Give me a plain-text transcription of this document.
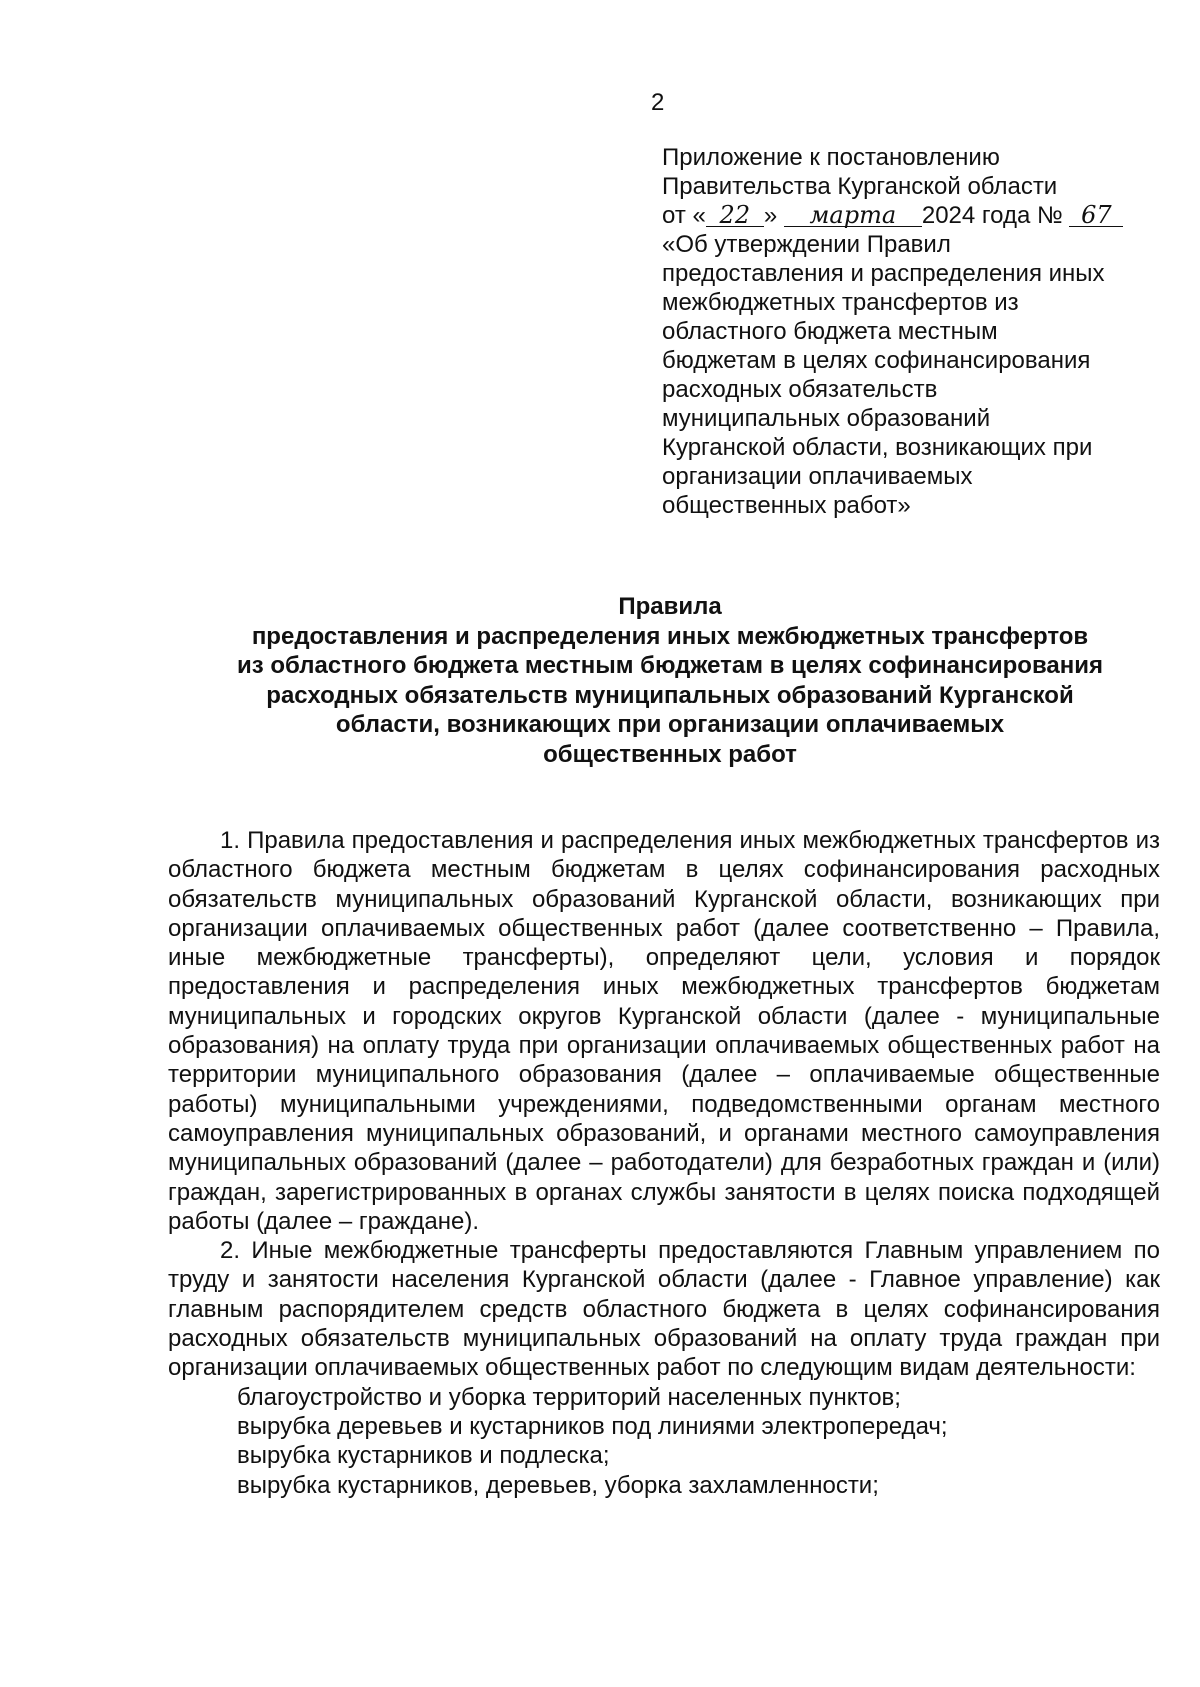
2
Приложение к постановлению
Правительства Курганской области
от « 22 » марта 2024 года № 67
«Об утверждении Правил
предоставления и распределения иных
межбюджетных трансфертов из
областного бюджета местным
бюджетам в целях софинансирования
расходных обязательств
муниципальных образований
Курганской области, возникающих при
организации оплачиваемых
общественных работ»
Правила
предоставления и распределения иных межбюджетных трансфертов
из областного бюджета местным бюджетам в целях софинансирования
расходных обязательств муниципальных образований Курганской
области, возникающих при организации оплачиваемых
общественных работ

1. Правила предоставления и распределения иных межбюджетных трансфертов из областного бюджета местным бюджетам в целях софинансирования расходных обязательств муниципальных образований Курганской области, возникающих при организации оплачиваемых общественных работ (далее соответственно – Правила, иные межбюджетные трансферты), определяют цели, условия и порядок предоставления и распределения иных межбюджетных трансфертов бюджетам муниципальных и городских округов Курганской области (далее - муниципальные образования) на оплату труда при организации оплачиваемых общественных работ на территории муниципального образования (далее – оплачиваемые общественные работы) муниципальными учреждениями, подведомственными органам местного самоуправления муниципальных образований, и органами местного самоуправления муниципальных образований (далее – работодатели) для безработных граждан и (или) граждан, зарегистрированных в органах службы занятости в целях поиска подходящей работы (далее – граждане).

2. Иные межбюджетные трансферты предоставляются Главным управлением по труду и занятости населения Курганской области (далее - Главное управление) как главным распорядителем средств областного бюджета в целях софинансирования расходных обязательств муниципальных образований на оплату труда граждан при организации оплачиваемых общественных работ по следующим видам деятельности:

благоустройство и уборка территорий населенных пунктов;

вырубка деревьев и кустарников под линиями электропередач;

вырубка кустарников и подлеска;

вырубка кустарников, деревьев, уборка захламленности;
